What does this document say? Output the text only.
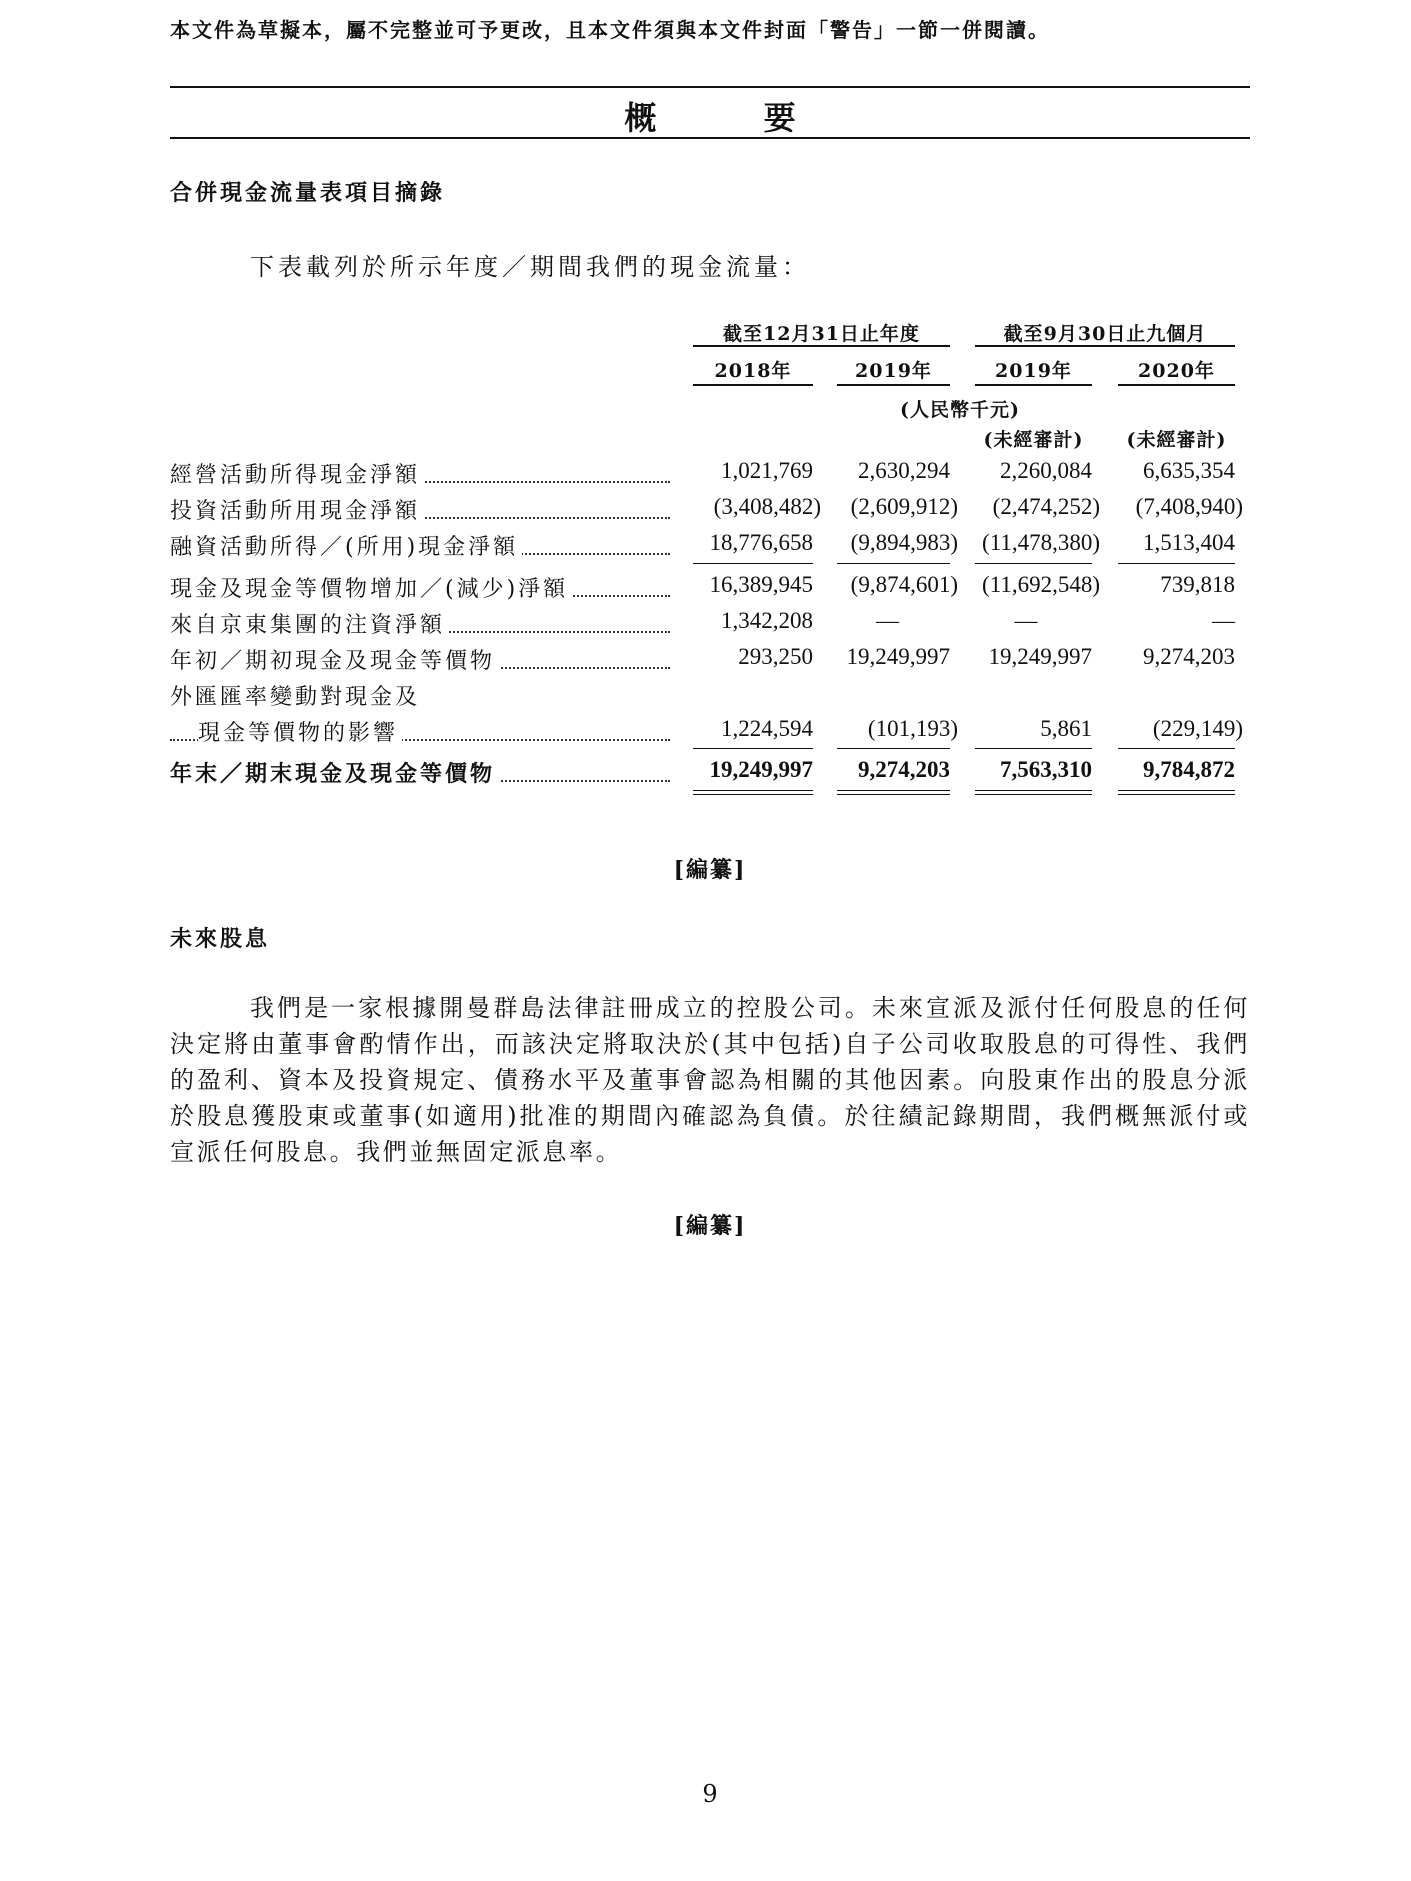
本文件為草擬本，屬不完整並可予更改，且本文件須與本文件封面「警告」一節一併閱讀。
概 要
合併現金流量表項目摘錄
下表載列於所示年度／期間我們的現金流量：
截至12月31日止年度	截至9月30日止九個月
2018年	2019年	2019年	2020年
(人民幣千元)
(未經審計)	(未經審計)
經營活動所得現金淨額	1,021,769	2,630,294	2,260,084	6,635,354
投資活動所用現金淨額	(3,408,482)	(2,609,912)	(2,474,252)	(7,408,940)
融資活動所得／(所用)現金淨額	18,776,658	(9,894,983)	(11,478,380)	1,513,404
現金及現金等價物增加／(減少)淨額	16,389,945	(9,874,601)	(11,692,548)	739,818
來自京東集團的注資淨額	1,342,208	—	—	—
年初／期初現金及現金等價物	293,250	19,249,997	19,249,997	9,274,203
外匯匯率變動對現金及
現金等價物的影響	1,224,594	(101,193)	5,861	(229,149)
年末／期末現金及現金等價物	19,249,997	9,274,203	7,563,310	9,784,872
[編纂]
未來股息
我們是一家根據開曼群島法律註冊成立的控股公司。未來宣派及派付任何股息的任何決定將由董事會酌情作出，而該決定將取決於(其中包括)自子公司收取股息的可得性、我們的盈利、資本及投資規定、債務水平及董事會認為相關的其他因素。向股東作出的股息分派於股息獲股東或董事(如適用)批准的期間內確認為負債。於往績記錄期間，我們概無派付或宣派任何股息。我們並無固定派息率。
[編纂]
9
